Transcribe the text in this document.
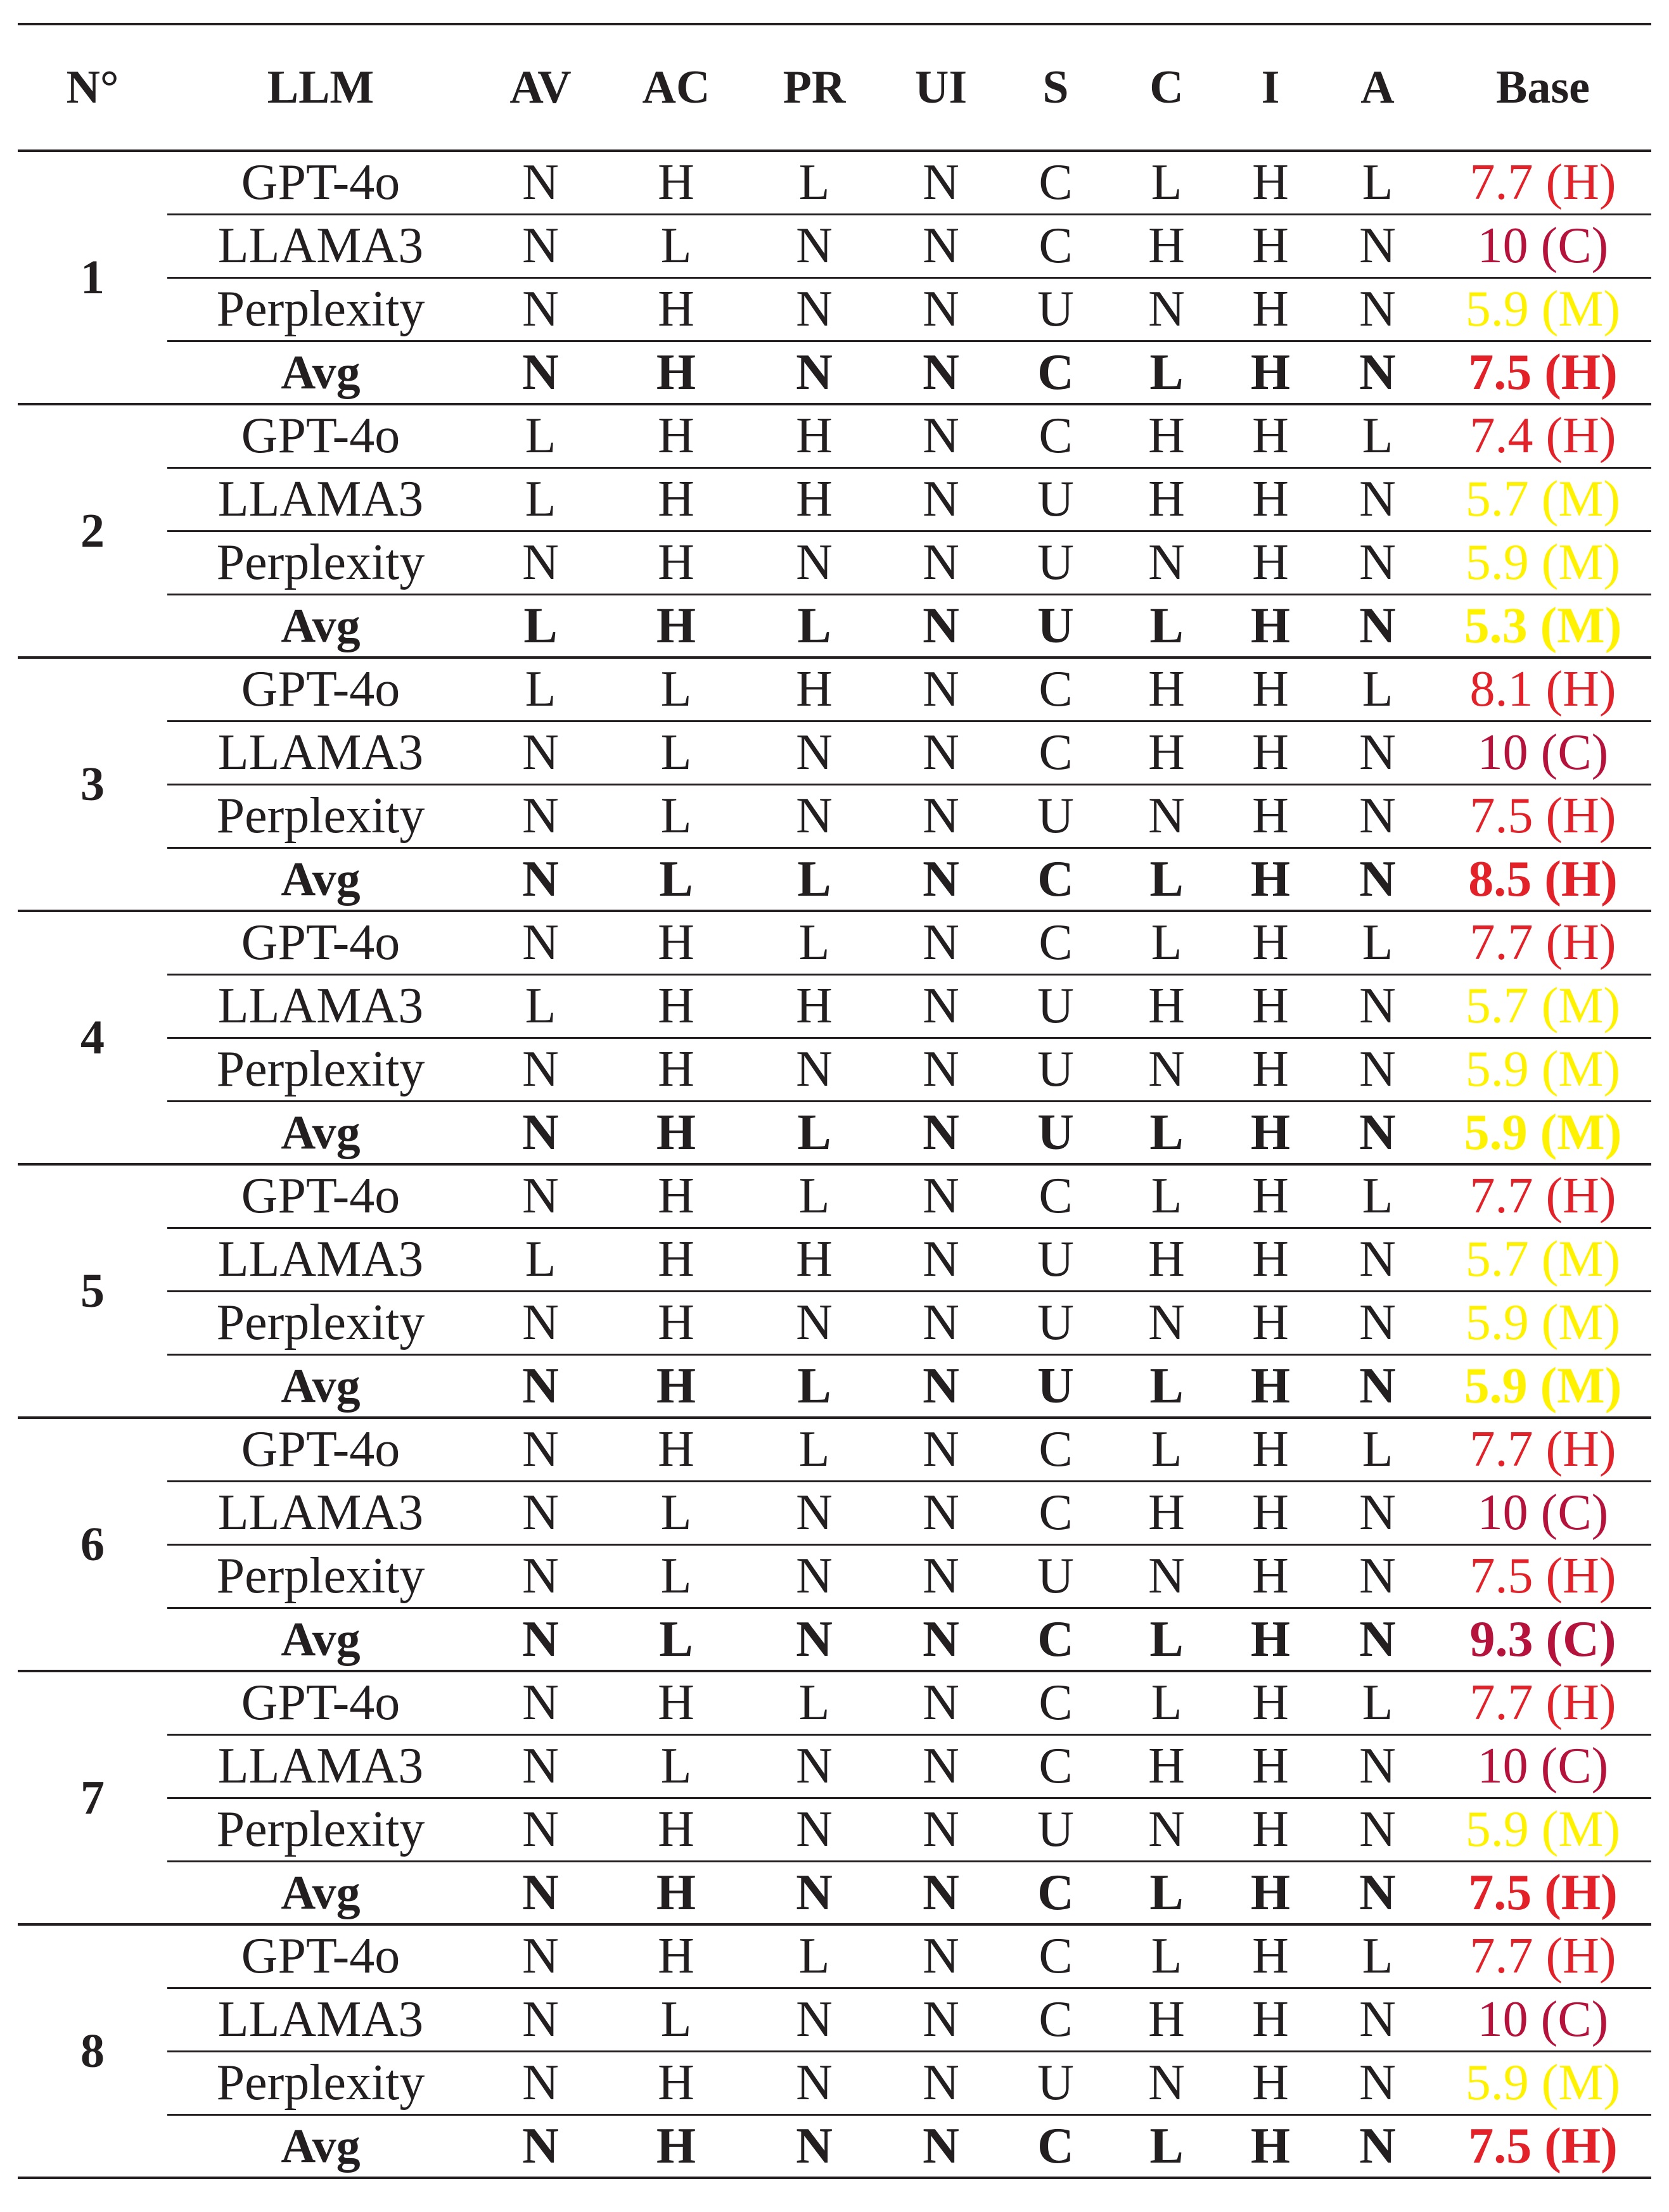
N°	LLM	AV	AC	PR	UI	S	C	I	A	Base
1	GPT-4o	N	H	L	N	C	L	H	L	7.7 (H)
	LLAMA3	N	L	N	N	C	H	H	N	10 (C)
	Perplexity	N	H	N	N	U	N	H	N	5.9 (M)
	Avg	N	H	N	N	C	L	H	N	7.5 (H)
2	GPT-4o	L	H	H	N	C	H	H	L	7.4 (H)
	LLAMA3	L	H	H	N	U	H	H	N	5.7 (M)
	Perplexity	N	H	N	N	U	N	H	N	5.9 (M)
	Avg	L	H	L	N	U	L	H	N	5.3 (M)
3	GPT-4o	L	L	H	N	C	H	H	L	8.1 (H)
	LLAMA3	N	L	N	N	C	H	H	N	10 (C)
	Perplexity	N	L	N	N	U	N	H	N	7.5 (H)
	Avg	N	L	L	N	C	L	H	N	8.5 (H)
4	GPT-4o	N	H	L	N	C	L	H	L	7.7 (H)
	LLAMA3	L	H	H	N	U	H	H	N	5.7 (M)
	Perplexity	N	H	N	N	U	N	H	N	5.9 (M)
	Avg	N	H	L	N	U	L	H	N	5.9 (M)
5	GPT-4o	N	H	L	N	C	L	H	L	7.7 (H)
	LLAMA3	L	H	H	N	U	H	H	N	5.7 (M)
	Perplexity	N	H	N	N	U	N	H	N	5.9 (M)
	Avg	N	H	L	N	U	L	H	N	5.9 (M)
6	GPT-4o	N	H	L	N	C	L	H	L	7.7 (H)
	LLAMA3	N	L	N	N	C	H	H	N	10 (C)
	Perplexity	N	L	N	N	U	N	H	N	7.5 (H)
	Avg	N	L	N	N	C	L	H	N	9.3 (C)
7	GPT-4o	N	H	L	N	C	L	H	L	7.7 (H)
	LLAMA3	N	L	N	N	C	H	H	N	10 (C)
	Perplexity	N	H	N	N	U	N	H	N	5.9 (M)
	Avg	N	H	N	N	C	L	H	N	7.5 (H)
8	GPT-4o	N	H	L	N	C	L	H	L	7.7 (H)
	LLAMA3	N	L	N	N	C	H	H	N	10 (C)
	Perplexity	N	H	N	N	U	N	H	N	5.9 (M)
	Avg	N	H	N	N	C	L	H	N	7.5 (H)
